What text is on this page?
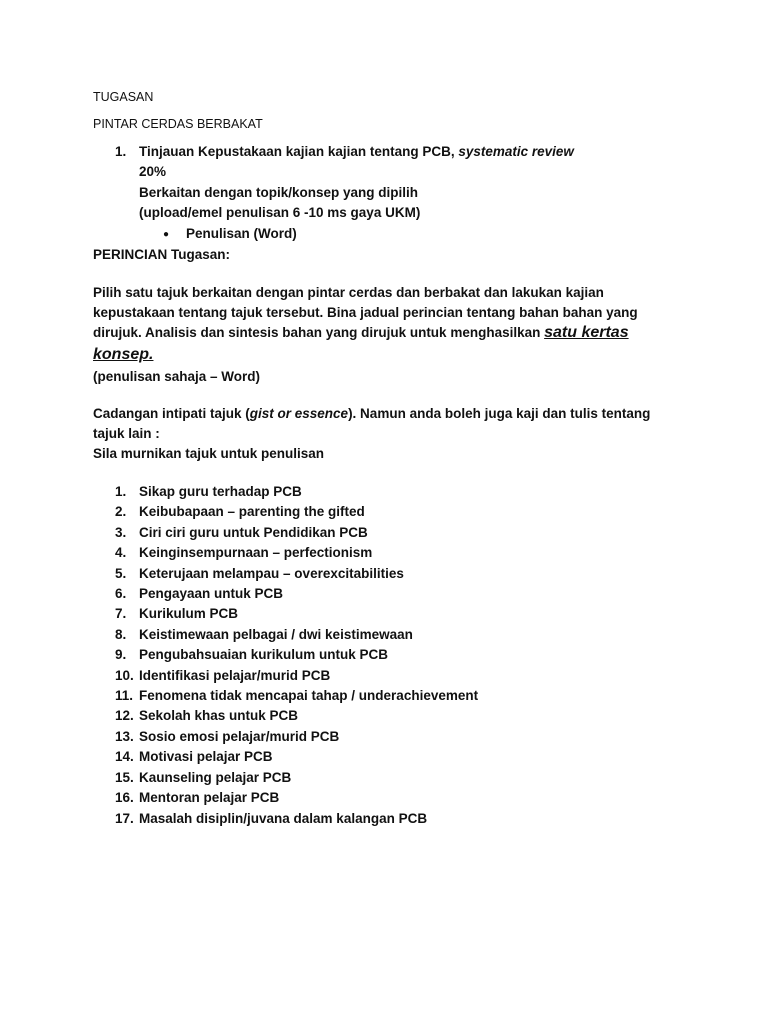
TUGASAN
PINTAR CERDAS BERBAKAT
1. Tinjauan Kepustakaan kajian kajian tentang PCB, systematic review
20%
Berkaitan dengan topik/konsep yang dipilih
(upload/emel penulisan 6 -10 ms gaya UKM)
● Penulisan (Word)
PERINCIAN Tugasan:
Pilih satu tajuk berkaitan dengan pintar cerdas dan berbakat dan lakukan kajian
kepustakaan tentang tajuk tersebut. Bina jadual perincian tentang bahan bahan yang
dirujuk. Analisis dan sintesis bahan yang dirujuk untuk menghasilkan satu kertas
konsep.
(penulisan sahaja – Word)
Cadangan intipati tajuk (gist or essence). Namun anda boleh juga kaji dan tulis tentang
tajuk lain :
Sila murnikan tajuk untuk penulisan
1. Sikap guru terhadap PCB
2. Keibubapaan – parenting the gifted
3. Ciri ciri guru untuk Pendidikan PCB
4. Keinginsempurnaan – perfectionism
5. Keterujaan melampau – overexcitabilities
6. Pengayaan untuk PCB
7. Kurikulum PCB
8. Keistimewaan pelbagai / dwi keistimewaan
9. Pengubahsuaian kurikulum untuk PCB
10. Identifikasi pelajar/murid PCB
11. Fenomena tidak mencapai tahap / underachievement
12. Sekolah khas untuk PCB
13. Sosio emosi pelajar/murid PCB
14. Motivasi pelajar PCB
15. Kaunseling pelajar PCB
16. Mentoran pelajar PCB
17. Masalah disiplin/juvana dalam kalangan PCB
